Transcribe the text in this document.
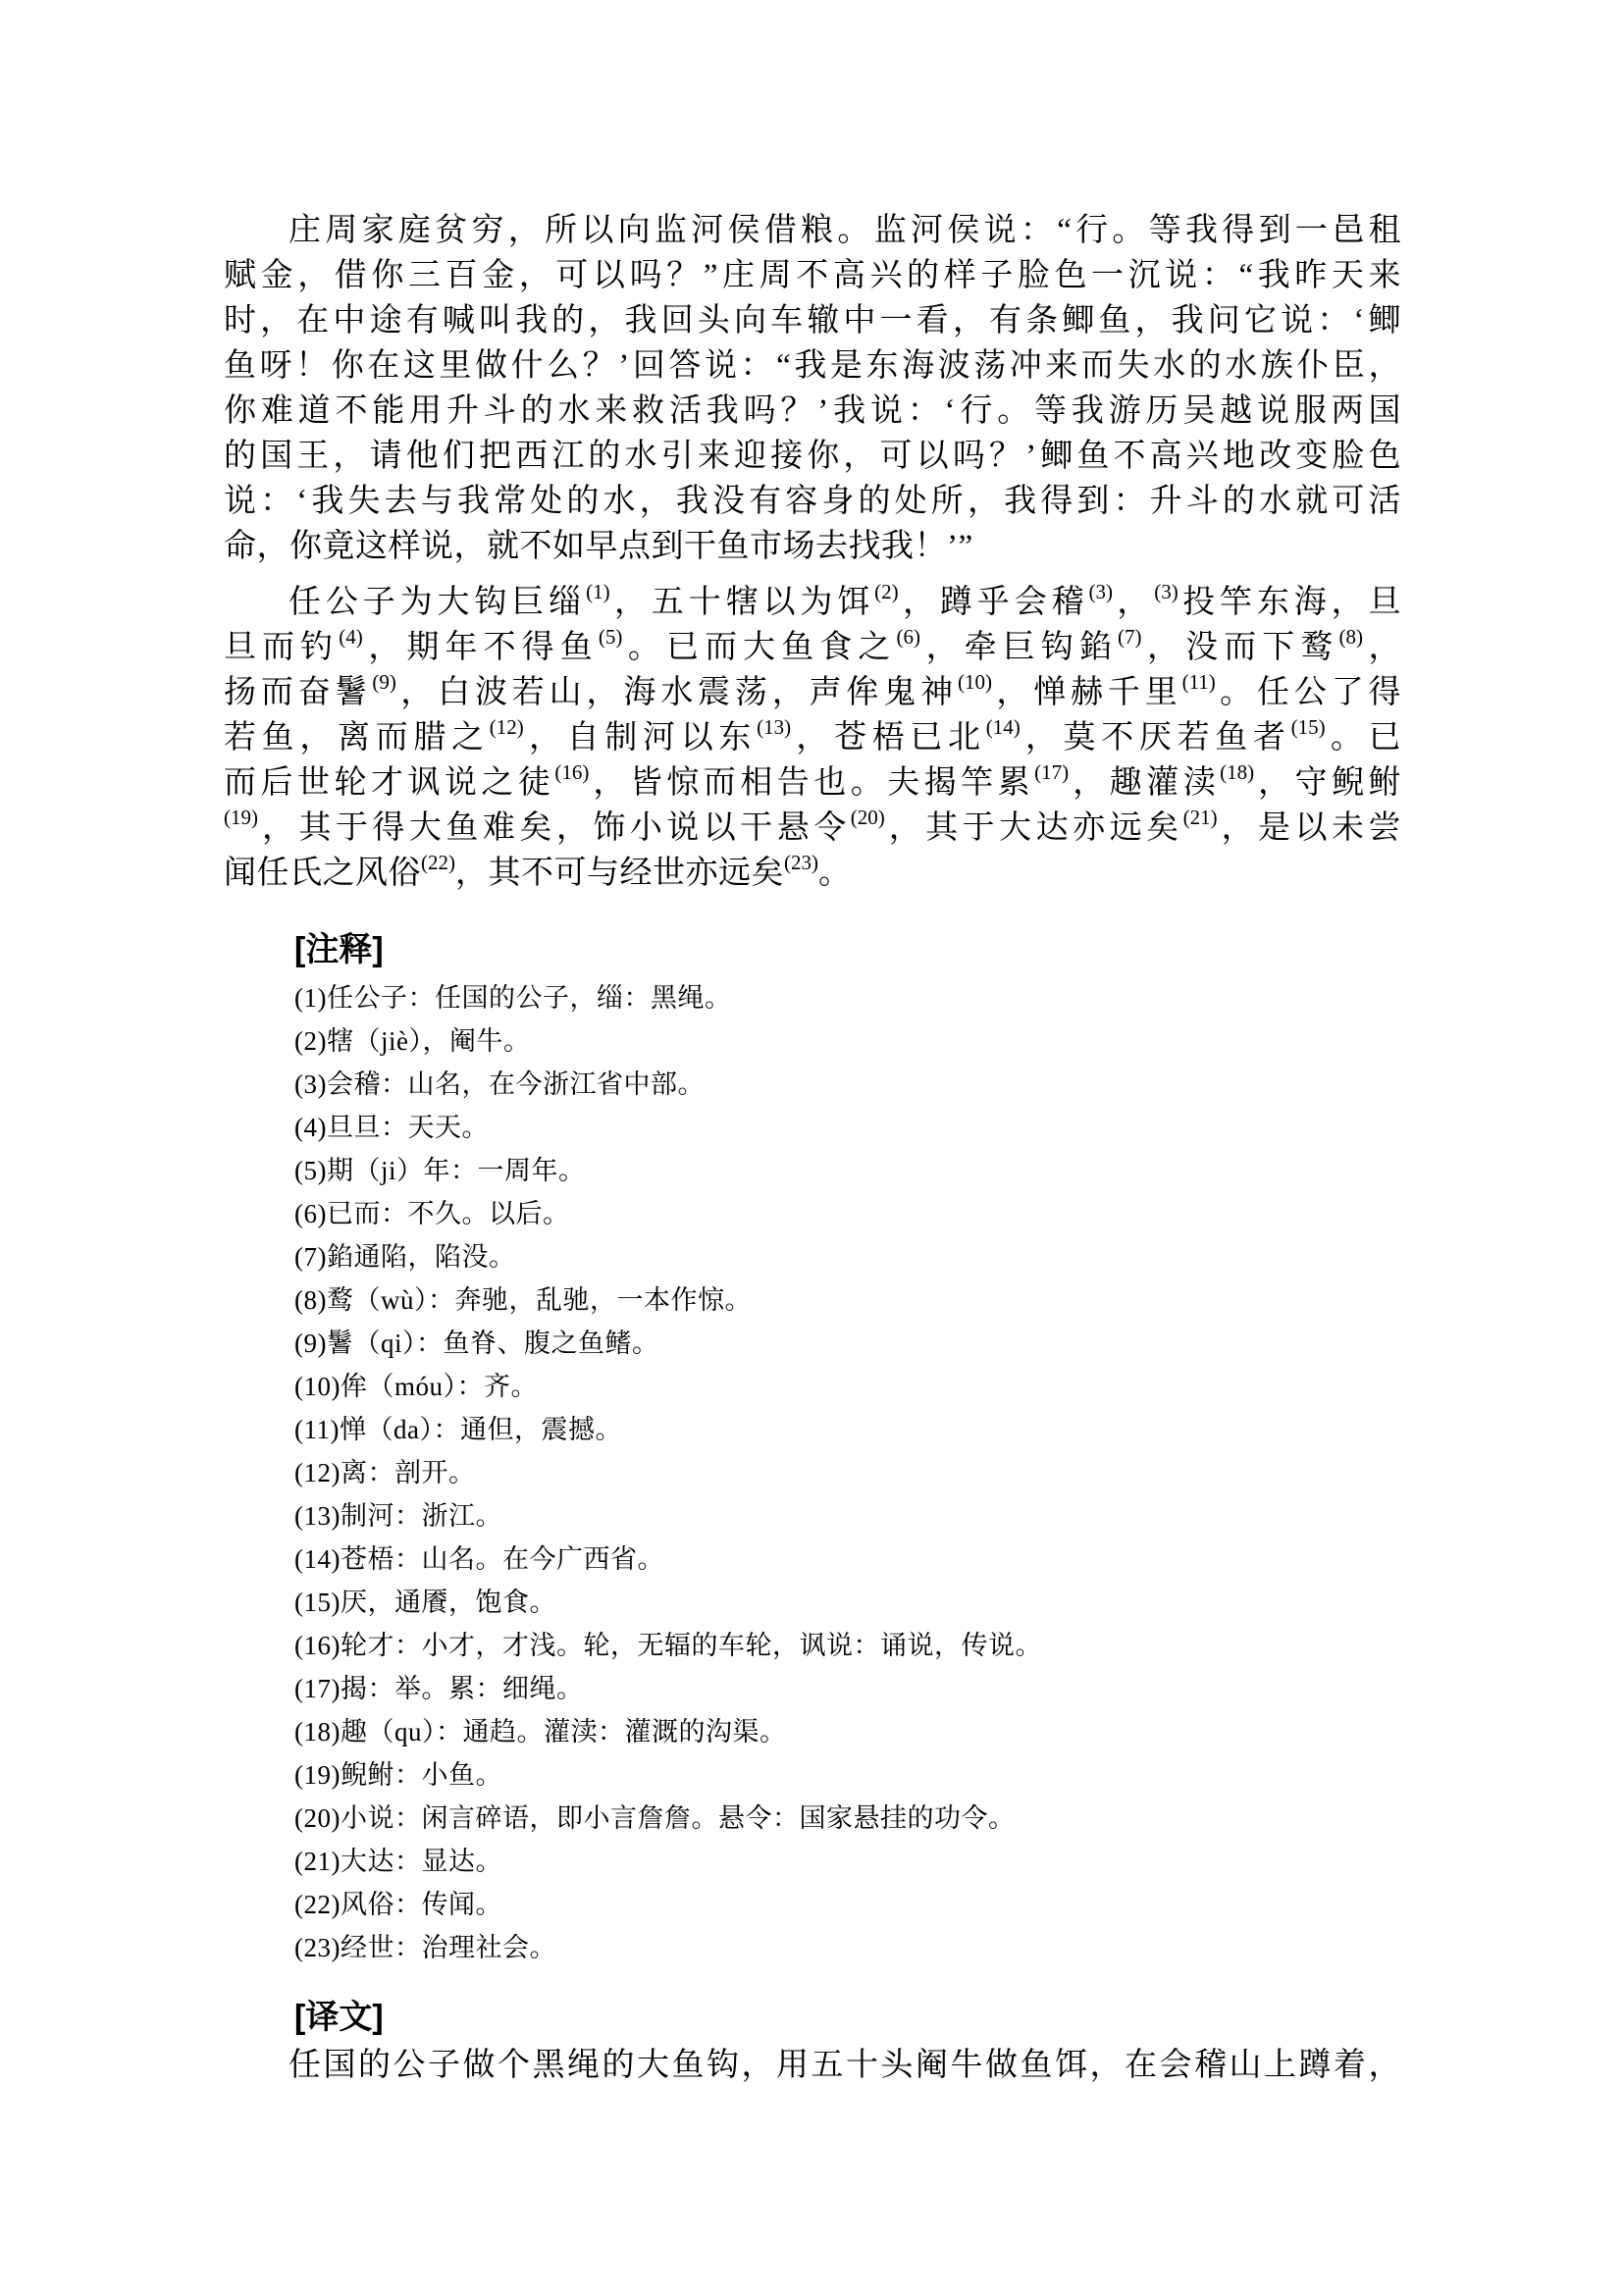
庄周家庭贫穷，所以向监河侯借粮。监河侯说：“行。等我得到一邑租
赋金，借你三百金，可以吗？”庄周不高兴的样子脸色一沉说：“我昨天来
时，在中途有喊叫我的，我回头向车辙中一看，有条鲫鱼，我问它说：‘鲫
鱼呀！你在这里做什么？’回答说：“我是东海波荡冲来而失水的水族仆臣，
你难道不能用升斗的水来救活我吗？’我说：‘行。等我游历吴越说服两国
的国王，请他们把西江的水引来迎接你，可以吗？’鲫鱼不高兴地改变脸色
说：‘我失去与我常处的水，我没有容身的处所，我得到：升斗的水就可活
命，你竟这样说，就不如早点到干鱼市场去找我！’”
任公子为大钩巨缁$^{(1)}$，五十犗以为饵$^{(2)}$，蹲乎会稽$^{(3)}$，$^{(3)}$投竿东海，旦
旦而钓$^{(4)}$，期年不得鱼$^{(5)}$。已而大鱼食之$^{(6)}$，牵巨钩錎$^{(7)}$，没而下鹜$^{(8)}$，
扬而奋鬐$^{(9)}$，白波若山，海水震荡，声侔鬼神$^{(10)}$，惮赫千里$^{(11)}$。任公了得
若鱼，离而腊之$^{(12)}$，自制河以东$^{(13)}$，苍梧已北$^{(14)}$，莫不厌若鱼者$^{(15)}$。已
而后世轮才讽说之徒$^{(16)}$，皆惊而相告也。夫揭竿累$^{(17)}$，趣灌渎$^{(18)}$，守鲵鲋
$^{(19)}$，其于得大鱼难矣，饰小说以干悬令$^{(20)}$，其于大达亦远矣$^{(21)}$，是以未尝
闻任氏之风俗$^{(22)}$，其不可与经世亦远矣$^{(23)}$。
[注释]
(1)任公子：任国的公子，缁：黑绳。
(2)犗（jiè），阉牛。
(3)会稽：山名，在今浙江省中部。
(4)旦旦：天天。
(5)期（ji）年：一周年。
(6)已而：不久。以后。
(7)錎通陷，陷没。
(8)鹜（wù）：奔驰，乱驰，一本作惊。
(9)鬐（qi）：鱼脊、腹之鱼鳍。
(10)侔（móu）：齐。
(11)惮（da）：通但，震撼。
(12)离：剖开。
(13)制河：浙江。
(14)苍梧：山名。在今广西省。
(15)厌，通餍，饱食。
(16)轮才：小才，才浅。轮，无辐的车轮，讽说：诵说，传说。
(17)揭：举。累：细绳。
(18)趣（qu）：通趋。灌渎：灌溉的沟渠。
(19)鲵鲋：小鱼。
(20)小说：闲言碎语，即小言詹詹。悬令：国家悬挂的功令。
(21)大达：显达。
(22)风俗：传闻。
(23)经世：治理社会。
[译文]
任国的公子做个黑绳的大鱼钩，用五十头阉牛做鱼饵，在会稽山上蹲着，
